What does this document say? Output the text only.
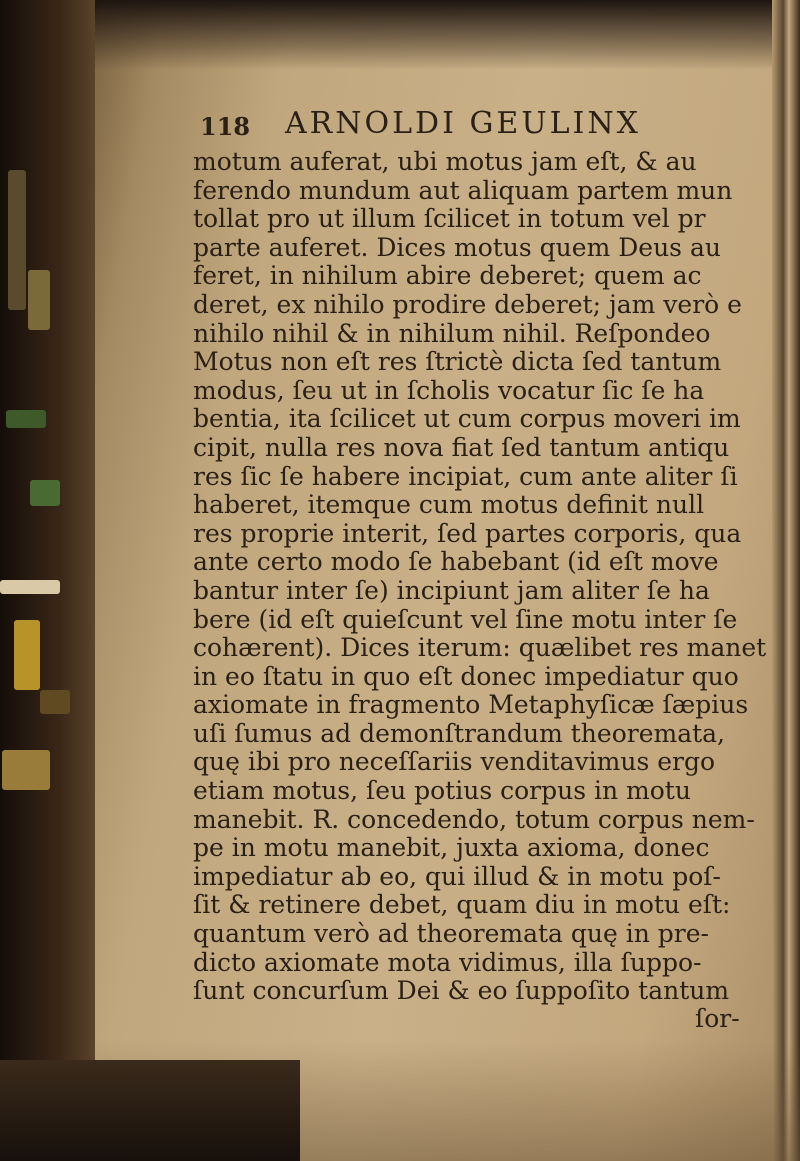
118 ARNOLDI GEULINX
motum auferat, ubi motus jam eſt, & au
ferendo mundum aut aliquam partem mun
tollat pro ut illum ſcilicet in totum vel pr
parte auferet. Dices motus quem Deus au
feret, in nihilum abire deberet; quem ac
deret, ex nihilo prodire deberet; jam verò e
nihilo nihil & in nihilum nihil. Reſpondeo
Motus non eſt res ſtrictè dicta ſed tantum
modus, ſeu ut in ſcholis vocatur ſic ſe ha
bentia, ita ſcilicet ut cum corpus moveri im
cipit, nulla res nova fiat ſed tantum antiqu
res ſic ſe habere incipiat, cum ante aliter ſi
haberet, itemque cum motus definit null
res proprie interit, ſed partes corporis, qua
ante certo modo ſe habebant (id eſt move
bantur inter ſe) incipiunt jam aliter ſe ha
bere (id eſt quieſcunt vel ſine motu inter ſe
cohærent). Dices iterum: quælibet res manet
in eo ſtatu in quo eſt donec impediatur quo
axiomate in fragmento Metaphyſicæ ſæpius
uſi ſumus ad demonſtrandum theoremata,
quę ibi pro neceſſariis venditavimus ergo
etiam motus, ſeu potius corpus in motu
manebit. R. concedendo, totum corpus nem-
pe in motu manebit, juxta axioma, donec
impediatur ab eo, qui illud & in motu poſ-
ſit & retinere debet, quam diu in motu eſt:
quantum verò ad theoremata quę in pre-
dicto axiomate mota vidimus, illa ſuppo-
ſunt concurſum Dei & eo ſuppoſito tantum
ſor-
